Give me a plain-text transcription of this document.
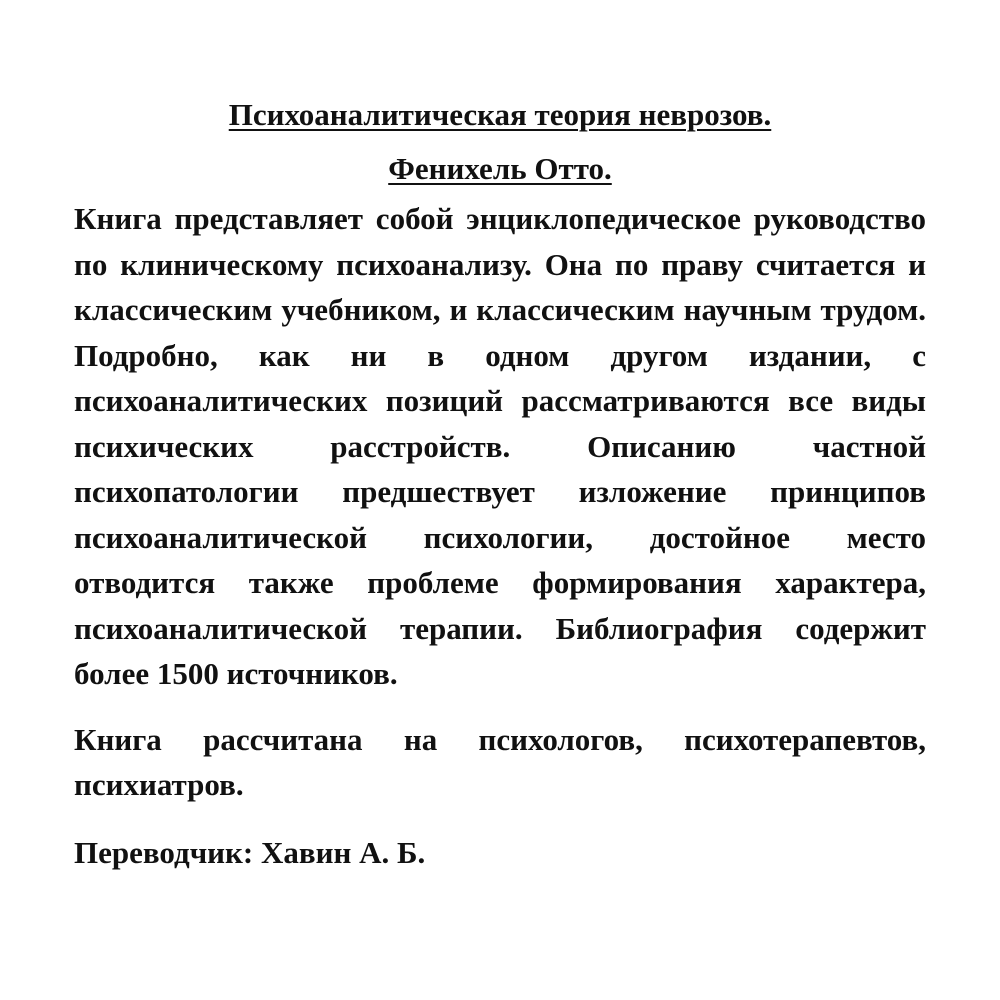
Психоаналитическая теория неврозов.
Фенихель Отто.

Книга представляет собой энциклопедическое руководство по клиническому психоанализу. Она по праву считается и классическим учебником, и классическим научным трудом. Подробно, как ни в одном другом издании, с психоаналитических позиций рассматриваются все виды психических расстройств. Описанию частной психопатологии предшествует изложение принципов психоаналитической психологии, достойное место отводится также проблеме формирования характера, психоаналитической терапии. Библиография содержит более 1500 источников.

Книга рассчитана на психологов, психотерапевтов, психиатров.

Переводчик: Хавин А. Б.
